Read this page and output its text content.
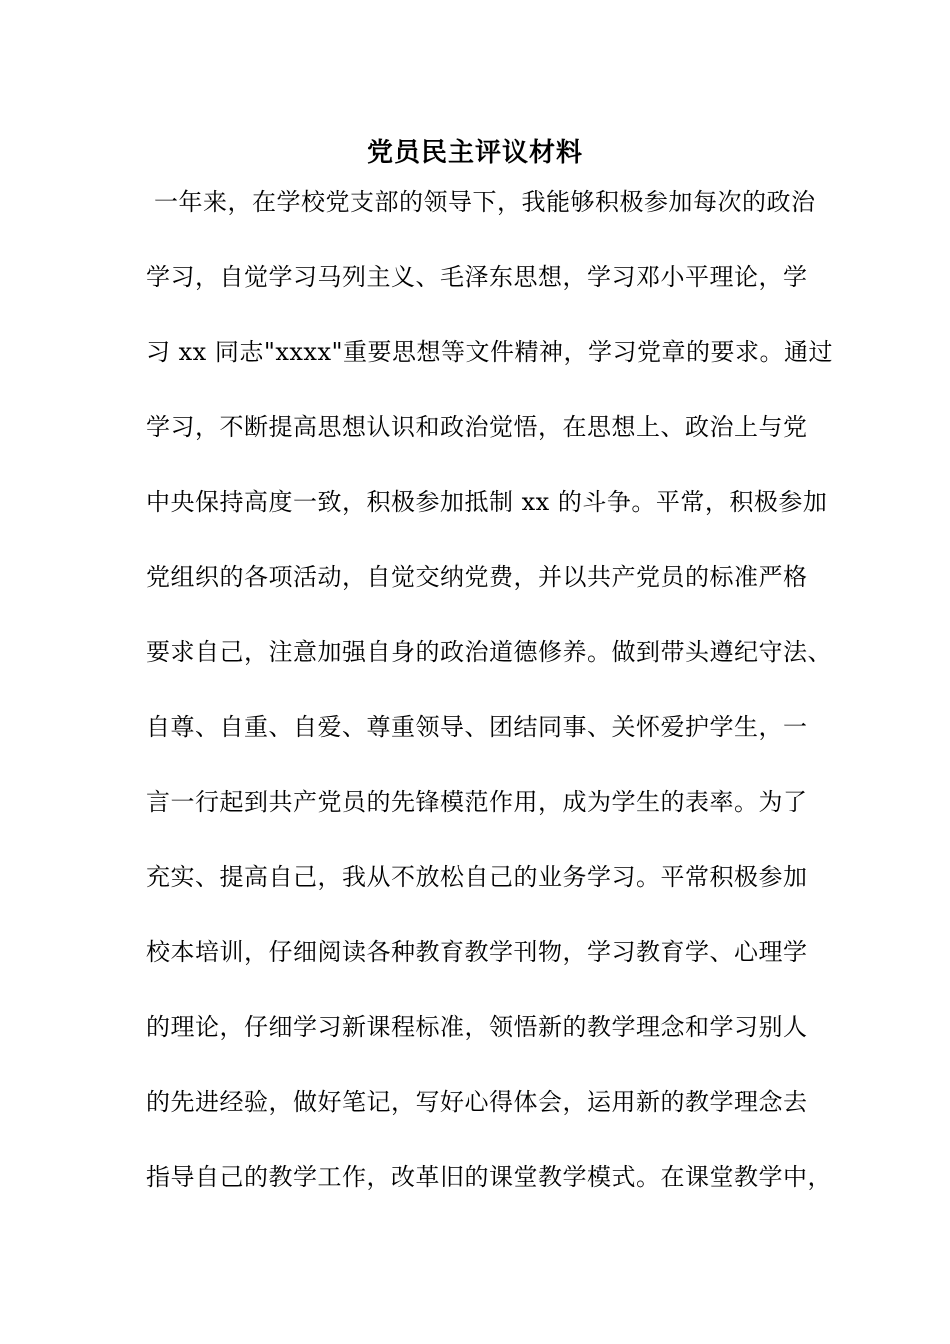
党员民主评议材料
一年来，在学校党支部的领导下，我能够积极参加每次的政治
学习，自觉学习马列主义、毛泽东思想，学习邓小平理论，学
习 xx 同志"xxxx"重要思想等文件精神，学习党章的要求。通过
学习，不断提高思想认识和政治觉悟，在思想上、政治上与党
中央保持高度一致，积极参加抵制 xx 的斗争。平常，积极参加
党组织的各项活动，自觉交纳党费，并以共产党员的标准严格
要求自己，注意加强自身的政治道德修养。做到带头遵纪守法、
自尊、自重、自爱、尊重领导、团结同事、关怀爱护学生，一
言一行起到共产党员的先锋模范作用，成为学生的表率。为了
充实、提高自己，我从不放松自己的业务学习。平常积极参加
校本培训，仔细阅读各种教育教学刊物，学习教育学、心理学
的理论，仔细学习新课程标准，领悟新的教学理念和学习别人
的先进经验，做好笔记，写好心得体会，运用新的教学理念去
指导自己的教学工作，改革旧的课堂教学模式。在课堂教学中，
